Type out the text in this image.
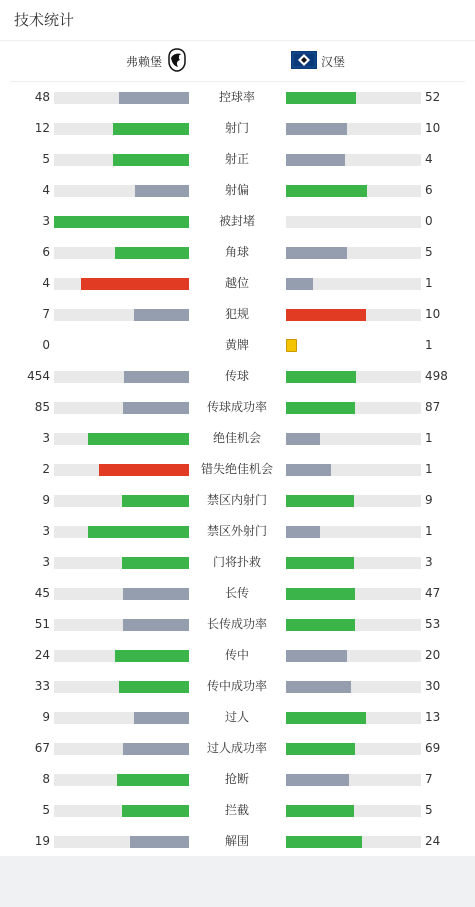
技术统计
弗赖堡	汉堡
48	控球率	52
12	射门	10
5	射正	4
4	射偏	6
3	被封堵	0
6	角球	5
4	越位	1
7	犯规	10
0	黄牌	1
454	传球	498
85	传球成功率	87
3	绝佳机会	1
2	错失绝佳机会	1
9	禁区内射门	9
3	禁区外射门	1
3	门将扑救	3
45	长传	47
51	长传成功率	53
24	传中	20
33	传中成功率	30
9	过人	13
67	过人成功率	69
8	抢断	7
5	拦截	5
19	解围	24
